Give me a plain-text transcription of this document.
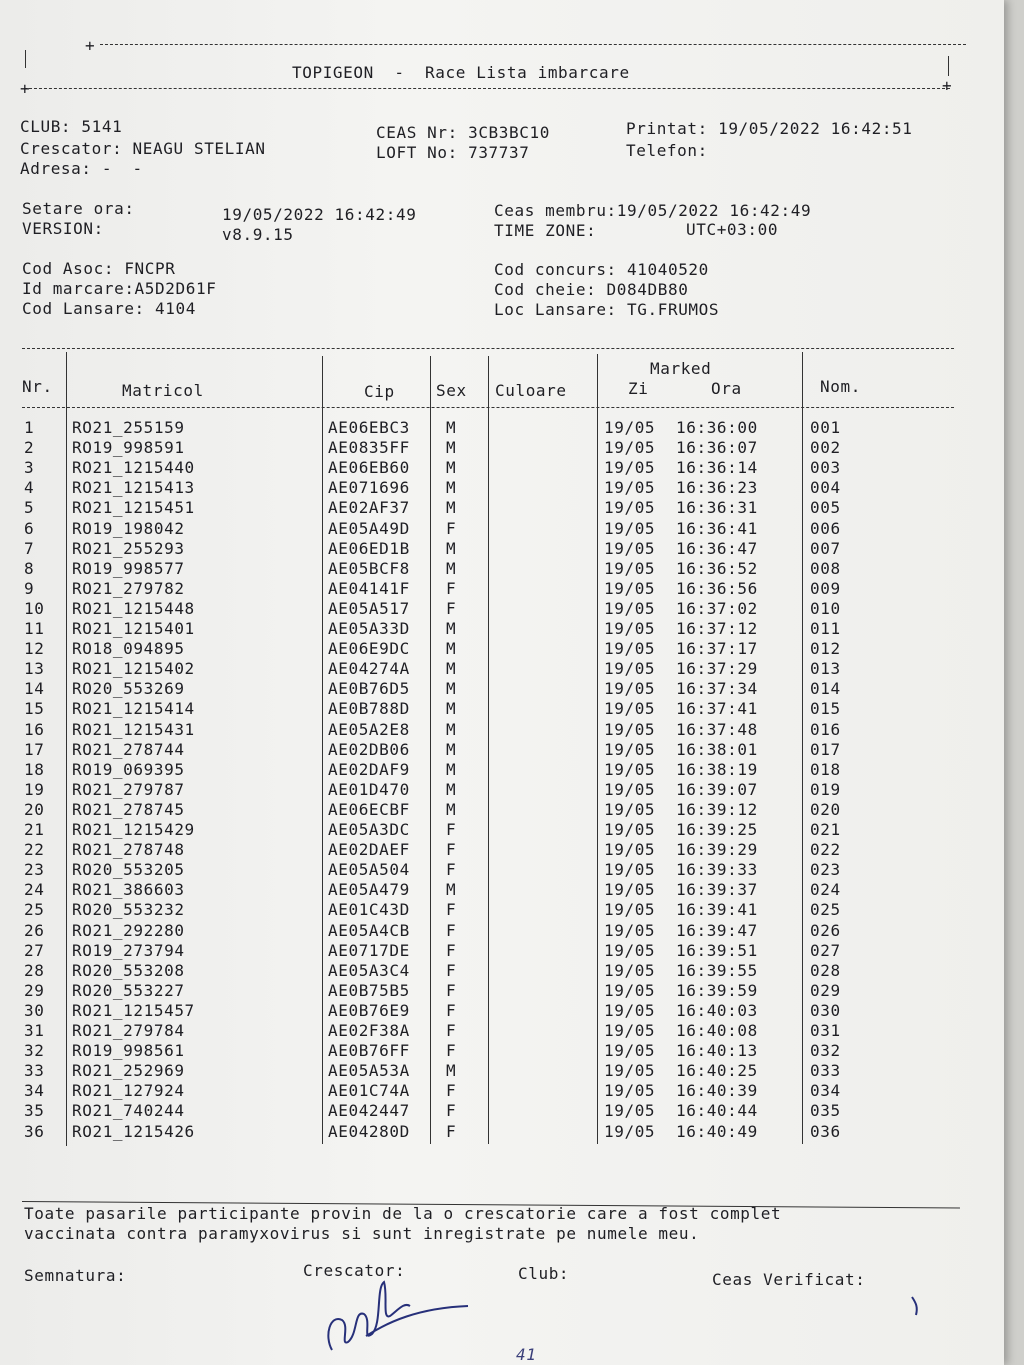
+
TOPIGEON  -  Race Lista imbarcare
+	+
CLUB: 5141
Crescator: NEAGU STELIAN
Adresa: -  -
CEAS Nr: 3CB3BC10
LOFT No: 737737
Printat: 19/05/2022 16:42:51
Telefon:
Setare ora:	19/05/2022 16:42:49
VERSION:	v8.9.15
Ceas membru:19/05/2022 16:42:49
TIME ZONE:	UTC+03:00
Cod Asoc: FNCPR
Id marcare:A5D2D61F
Cod Lansare: 4104
Cod concurs: 41040520
Cod cheie: D084DB80
Loc Lansare: TG.FRUMOS
Nr.	Matricol	Cip	Sex Culoare
Marked
Zi	Ora	Nom.
1 RO21_255159	AE06EBC3 M	19/05 16:36:00	001
2 RO19_998591	AE0835FF M	19/05 16:36:07	002
3 RO21_1215440	AE06EB60 M	19/05 16:36:14	003
4 RO21_1215413	AE071696 M	19/05 16:36:23	004
5 RO21_1215451	AE02AF37 M	19/05 16:36:31	005
6 RO19_198042	AE05A49D F	19/05 16:36:41	006
7 RO21_255293	AE06ED1B M	19/05 16:36:47	007
8 RO19_998577	AE05BCF8 M	19/05 16:36:52	008
9 RO21_279782	AE04141F F	19/05 16:36:56	009
10 RO21_1215448	AE05A517 F	19/05 16:37:02	010
11 RO21_1215401	AE05A33D M	19/05 16:37:12	011
12 RO18_094895	AE06E9DC M	19/05 16:37:17	012
13 RO21_1215402	AE04274A M	19/05 16:37:29	013
14 RO20_553269	AE0B76D5 M	19/05 16:37:34	014
15 RO21_1215414	AE0B788D M	19/05 16:37:41	015
16 RO21_1215431	AE05A2E8 M	19/05 16:37:48	016
17 RO21_278744	AE02DB06 M	19/05 16:38:01	017
18 RO19_069395	AE02DAF9 M	19/05 16:38:19	018
19 RO21_279787	AE01D470 M	19/05 16:39:07	019
20 RO21_278745	AE06ECBF M	19/05 16:39:12	020
21 RO21_1215429	AE05A3DC F	19/05 16:39:25	021
22 RO21_278748	AE02DAEF F	19/05 16:39:29	022
23 RO20_553205	AE05A504 F	19/05 16:39:33	023
24 RO21_386603	AE05A479 M	19/05 16:39:37	024
25 RO20_553232	AE01C43D F	19/05 16:39:41	025
26 RO21_292280	AE05A4CB F	19/05 16:39:47	026
27 RO19_273794	AE0717DE F	19/05 16:39:51	027
28 RO20_553208	AE05A3C4 F	19/05 16:39:55	028
29 RO20_553227	AE0B75B5 F	19/05 16:39:59	029
30 RO21_1215457	AE0B76E9 F	19/05 16:40:03	030
31 RO21_279784	AE02F38A F	19/05 16:40:08	031
32 RO19_998561	AE0B76FF F	19/05 16:40:13	032
33 RO21_252969	AE05A53A M	19/05 16:40:25	033
34 RO21_127924	AE01C74A F	19/05 16:40:39	034
35 RO21_740244	AE042447 F	19/05 16:40:44	035
36 RO21_1215426	AE04280D F	19/05 16:40:49	036
Toate pasarile participante provin de la o crescatorie care a fost complet
vaccinata contra paramyxovirus si sunt inregistrate pe numele meu.
Semnatura:	Crescator:	Club:	Ceas Verificat:
41
